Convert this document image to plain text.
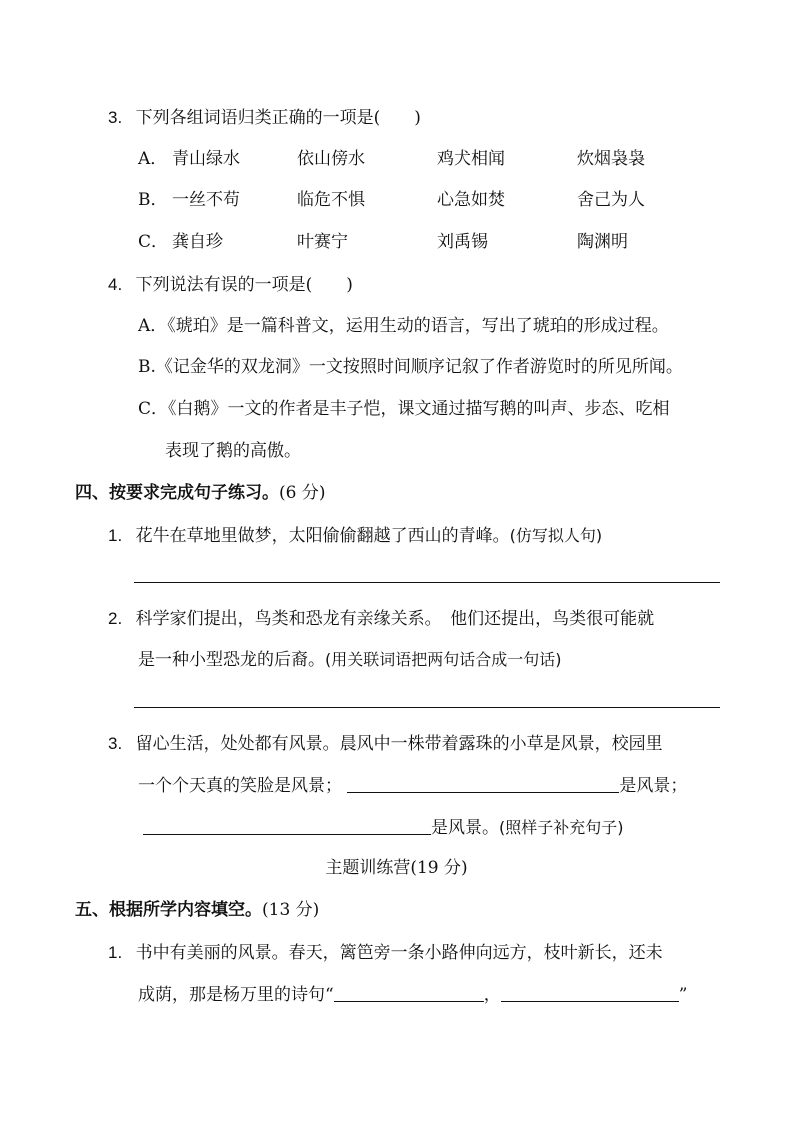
3. 下列各组词语归类正确的一项是(　　)
A． 青山绿水	依山傍水	鸡犬相闻	炊烟袅袅
B． 一丝不苟	临危不惧	心急如焚	舍己为人
C． 龚自珍	叶赛宁	刘禹锡	陶渊明
4. 下列说法有误的一项是(　　)
A．《琥珀》是一篇科普文，运用生动的语言，写出了琥珀的形成过程。
B.《记金华的双龙洞》一文按照时间顺序记叙了作者游览时的所见所闻。
C．《白鹅》一文的作者是丰子恺，课文通过描写鹅的叫声、步态、吃相
表现了鹅的高傲。
四、按要求完成句子练习。(6 分)
1. 花牛在草地里做梦，太阳偷偷翻越了西山的青峰。(仿写拟人句)
2. 科学家们提出，鸟类和恐龙有亲缘关系。　他们还提出，鸟类很可能就
是一种小型恐龙的后裔。(用关联词语把两句话合成一句话)
3. 留心生活，处处都有风景。晨风中一株带着露珠的小草是风景，校园里
一个个天真的笑脸是风景；	是风景；
是风景。(照样子补充句子)
主题训练营(19 分)
五、根据所学内容填空。(13 分)
1. 书中有美丽的风景。春天，篱笆旁一条小路伸向远方，枝叶新长，还未
成荫，那是杨万里的诗句“	，	”
